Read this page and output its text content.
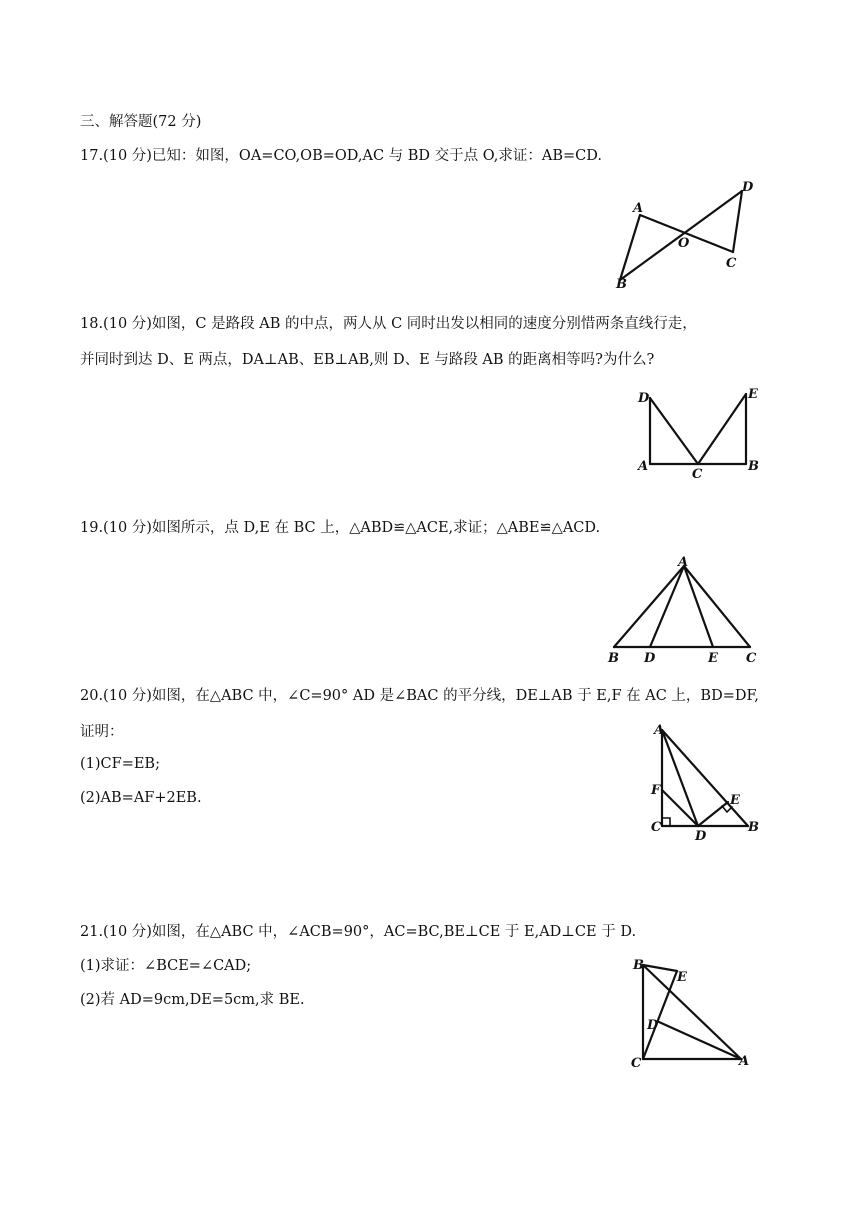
三、解答题(72 分)
17.(10 分)已知：如图，OA=CO,OB=OD,AC 与 BD 交于点 O,求证：AB=CD.
A
B
O
C
D
18.(10 分)如图，C 是路段 AB 的中点，两人从 C 同时出发以相同的速度分别惜两条直线行走，
并同时到达 D、E 两点，DA⊥AB、EB⊥AB,则 D、E 与路段 AB 的距离相等吗?为什么?
D	E
A
C
B
19.(10 分)如图所示，点 D,E 在 BC 上，△ABD≌△ACE,求证；△ABE≌△ACD.
A
B D	E C
20.(10 分)如图，在△ABC 中，∠C=90° AD 是∠BAC 的平分线，DE⊥AB 于 E,F 在 AC 上，BD=DF,
证明：
(1)CF=EB;
(2)AB=AF+2EB.
A
F
E
C
D
B
21.(10 分)如图，在△ABC 中，∠ACB=90°，AC=BC,BE⊥CE 于 E,AD⊥CE 于 D.
(1)求证：∠BCE=∠CAD;
(2)若 AD=9cm,DE=5cm,求 BE.
B
E
D
C	A
